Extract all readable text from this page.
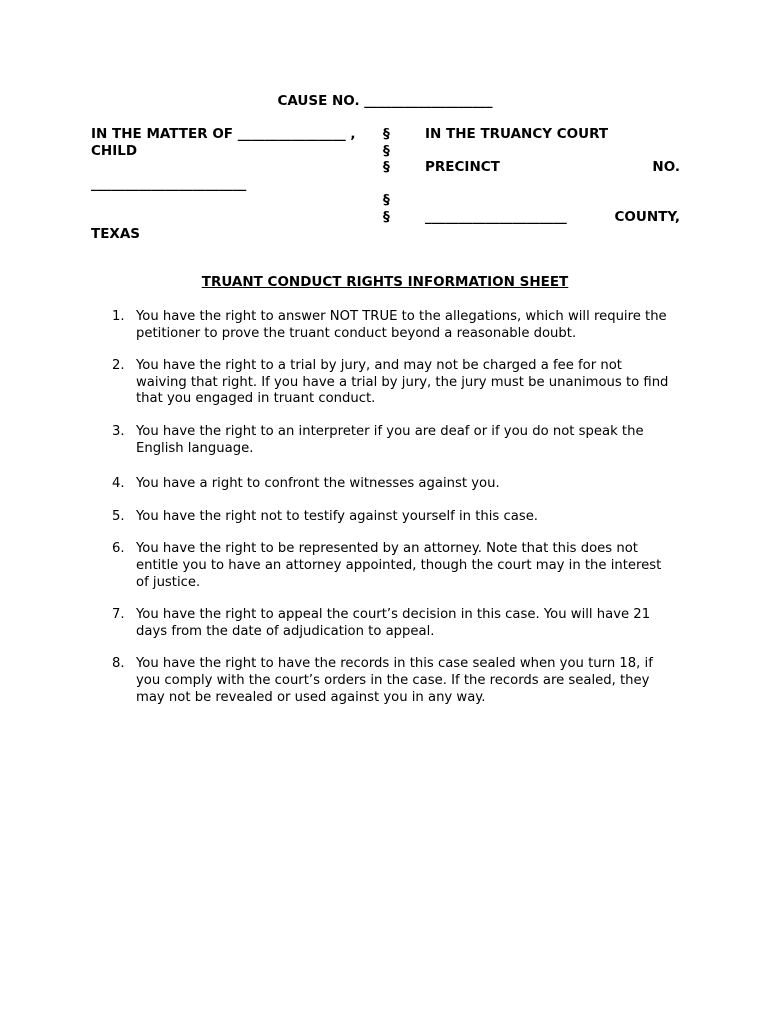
CAUSE NO. ___________________
IN THE MATTER OF ________________ ,
CHILD
_______________________
TEXAS
§
§
§
§
§
IN THE TRUANCY COURT
PRECINCT	NO.
_____________________	COUNTY,
TRUANT CONDUCT RIGHTS INFORMATION SHEET
1. You have the right to answer NOT TRUE to the allegations, which will require the petitioner to prove the truant conduct beyond a reasonable doubt.
2. You have the right to a trial by jury, and may not be charged a fee for not waiving that right. If you have a trial by jury, the jury must be unanimous to find that you engaged in truant conduct.
3. You have the right to an interpreter if you are deaf or if you do not speak the English language.
4. You have a right to confront the witnesses against you.
5. You have the right not to testify against yourself in this case.
6. You have the right to be represented by an attorney. Note that this does not entitle you to have an attorney appointed, though the court may in the interest of justice.
7. You have the right to appeal the court’s decision in this case. You will have 21 days from the date of adjudication to appeal.
8. You have the right to have the records in this case sealed when you turn 18, if you comply with the court’s orders in the case. If the records are sealed, they may not be revealed or used against you in any way.
